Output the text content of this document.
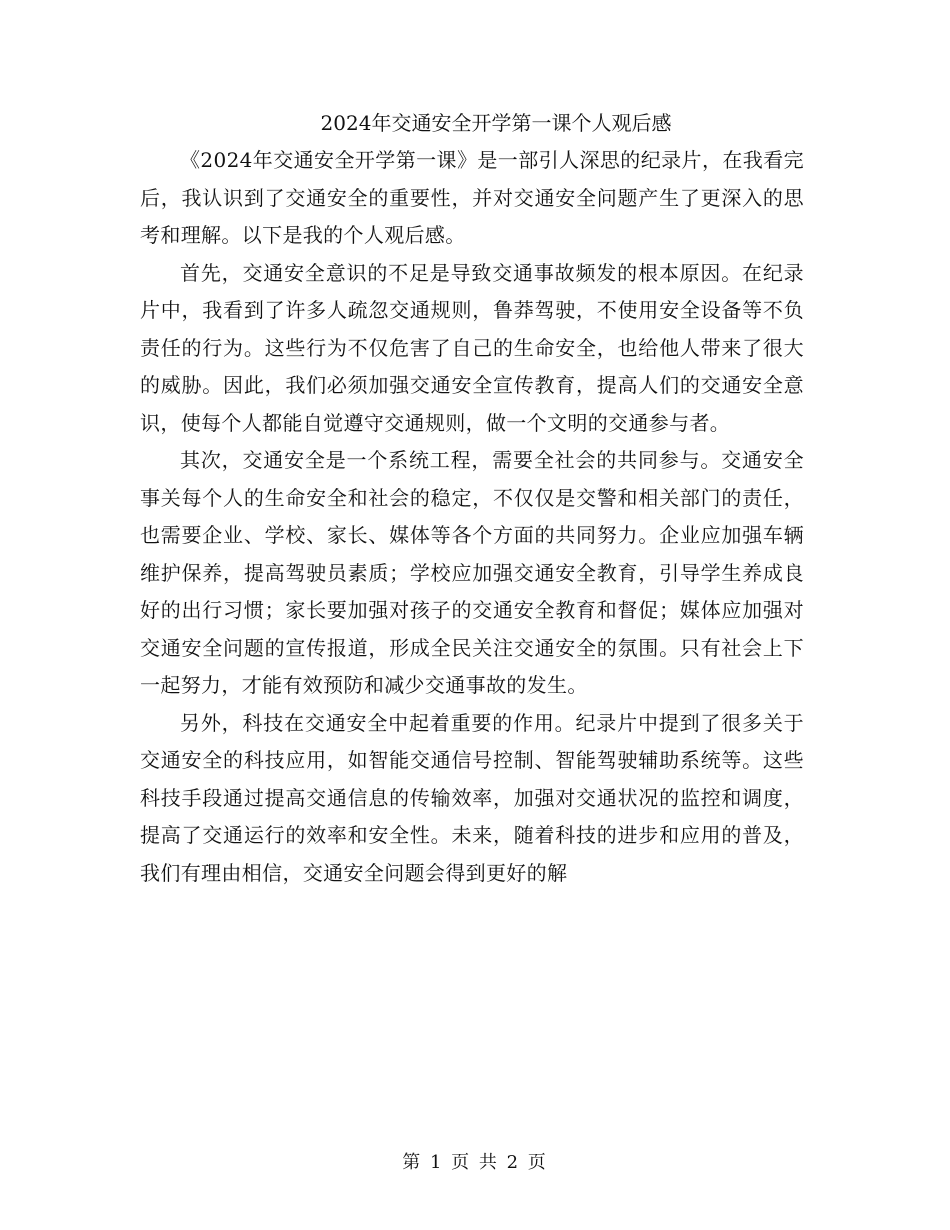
2024年交通安全开学第一课个人观后感

《2024年交通安全开学第一课》是一部引人深思的纪录片，在我看完后，我认识到了交通安全的重要性，并对交通安全问题产生了更深入的思考和理解。以下是我的个人观后感。

首先，交通安全意识的不足是导致交通事故频发的根本原因。在纪录片中，我看到了许多人疏忽交通规则，鲁莽驾驶，不使用安全设备等不负责任的行为。这些行为不仅危害了自己的生命安全，也给他人带来了很大的威胁。因此，我们必须加强交通安全宣传教育，提高人们的交通安全意识，使每个人都能自觉遵守交通规则，做一个文明的交通参与者。

其次，交通安全是一个系统工程，需要全社会的共同参与。交通安全事关每个人的生命安全和社会的稳定，不仅仅是交警和相关部门的责任，也需要企业、学校、家长、媒体等各个方面的共同努力。企业应加强车辆维护保养，提高驾驶员素质；学校应加强交通安全教育，引导学生养成良好的出行习惯；家长要加强对孩子的交通安全教育和督促；媒体应加强对交通安全问题的宣传报道，形成全民关注交通安全的氛围。只有社会上下一起努力，才能有效预防和减少交通事故的发生。

另外，科技在交通安全中起着重要的作用。纪录片中提到了很多关于交通安全的科技应用，如智能交通信号控制、智能驾驶辅助系统等。这些科技手段通过提高交通信息的传输效率，加强对交通状况的监控和调度，提高了交通运行的效率和安全性。未来，随着科技的进步和应用的普及，我们有理由相信，交通安全问题会得到更好的解

第 1 页 共 2 页
